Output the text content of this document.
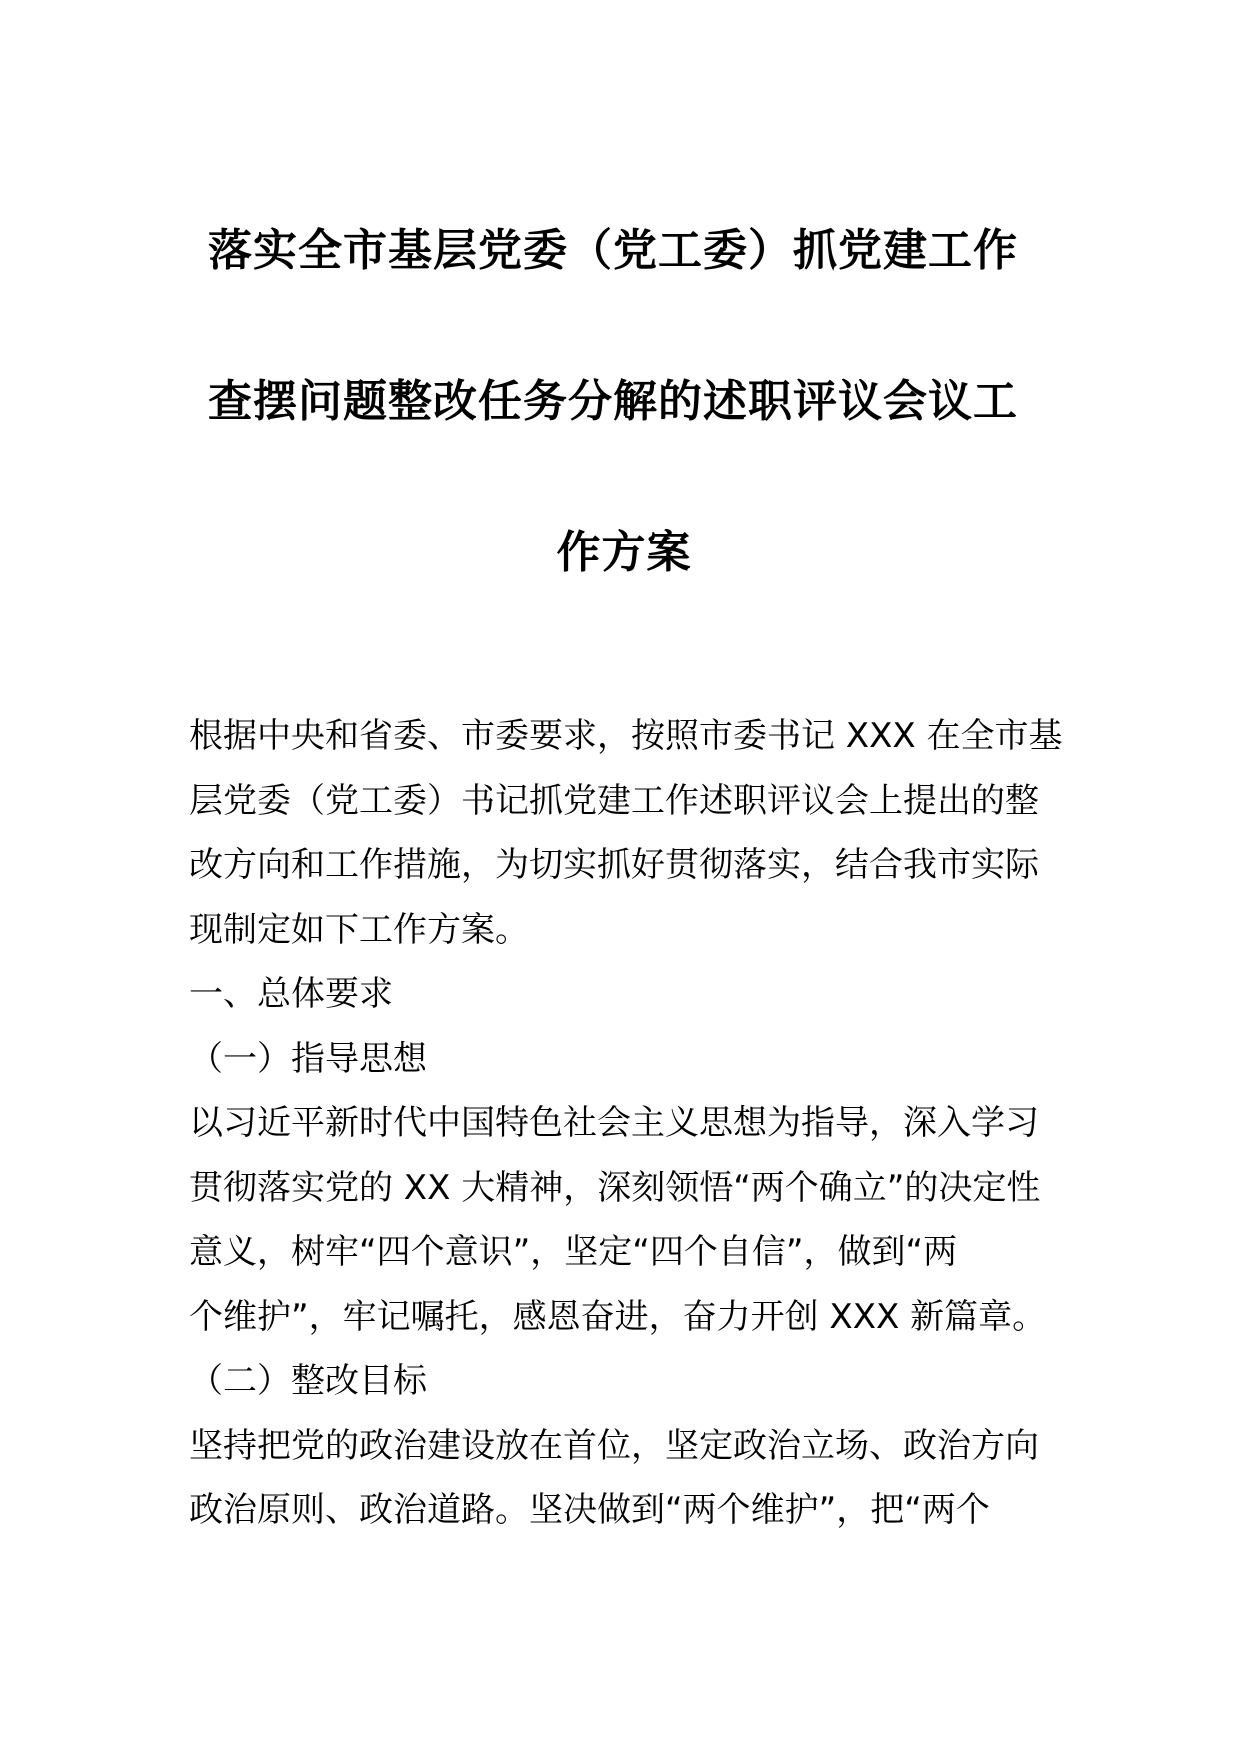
落实全市基层党委（党工委）抓党建工作
查摆问题整改任务分解的述职评议会议工
作方案
根据中央和省委、市委要求，按照市委书记 XXX 在全市基
层党委（党工委）书记抓党建工作述职评议会上提出的整
改方向和工作措施，为切实抓好贯彻落实，结合我市实际
现制定如下工作方案。
一、总体要求
（一）指导思想
以习近平新时代中国特色社会主义思想为指导，深入学习
贯彻落实党的 XX 大精神，深刻领悟“两个确立”的决定性
意义，树牢“四个意识”，坚定“四个自信”，做到“两
个维护”，牢记嘱托，感恩奋进，奋力开创 XXX 新篇章。
（二）整改目标
坚持把党的政治建设放在首位，坚定政治立场、政治方向
政治原则、政治道路。坚决做到“两个维护”，把“两个
